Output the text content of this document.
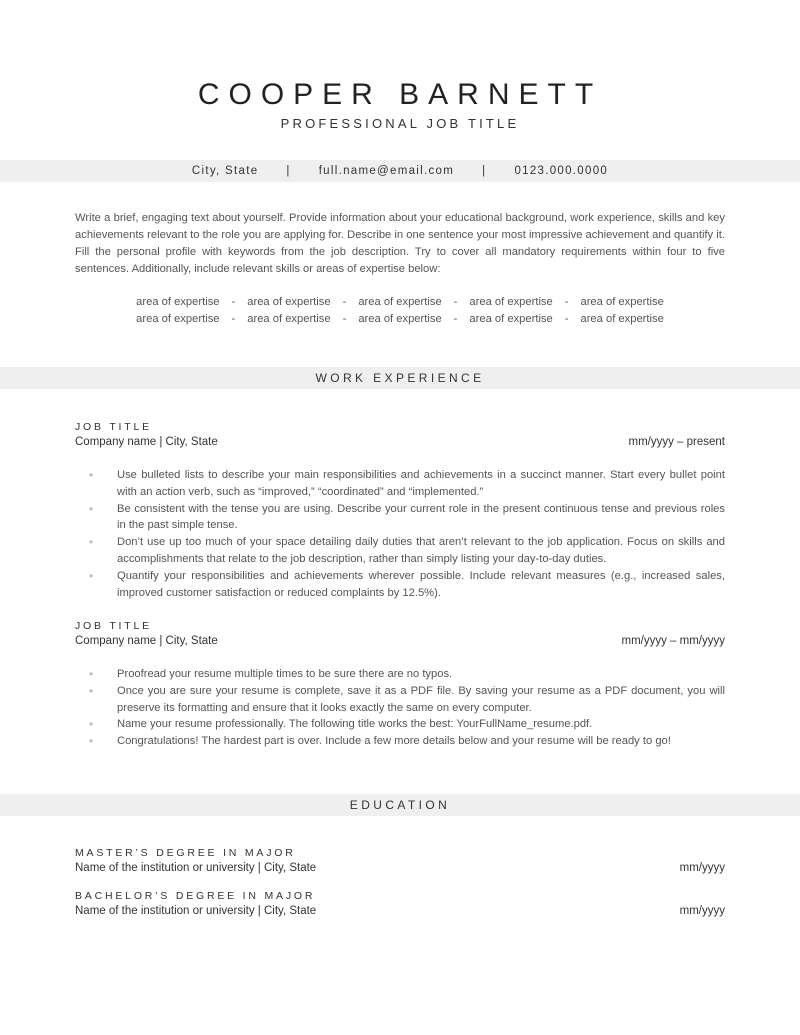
COOPER BARNETT
PROFESSIONAL JOB TITLE
City, State | full.name@email.com | 0123.000.0000
Write a brief, engaging text about yourself. Provide information about your educational background, work experience, skills and key achievements relevant to the role you are applying for. Describe in one sentence your most impressive achievement and quantify it. Fill the personal profile with keywords from the job description. Try to cover all mandatory requirements within four to five sentences. Additionally, include relevant skills or areas of expertise below:
area of expertise - area of expertise - area of expertise - area of expertise - area of expertise
area of expertise - area of expertise - area of expertise - area of expertise - area of expertise
WORK EXPERIENCE
JOB TITLE
Company name | City, State	mm/yyyy – present
• Use bulleted lists to describe your main responsibilities and achievements in a succinct manner. Start every bullet point with an action verb, such as “improved,” “coordinated” and “implemented.”
• Be consistent with the tense you are using. Describe your current role in the present continuous tense and previous roles in the past simple tense.
• Don’t use up too much of your space detailing daily duties that aren’t relevant to the job application. Focus on skills and accomplishments that relate to the job description, rather than simply listing your day-to-day duties.
• Quantify your responsibilities and achievements wherever possible. Include relevant measures (e.g., increased sales, improved customer satisfaction or reduced complaints by 12.5%).
JOB TITLE
Company name | City, State	mm/yyyy – mm/yyyy
• Proofread your resume multiple times to be sure there are no typos.
• Once you are sure your resume is complete, save it as a PDF file. By saving your resume as a PDF document, you will preserve its formatting and ensure that it looks exactly the same on every computer.
• Name your resume professionally. The following title works the best: YourFullName_resume.pdf.
• Congratulations! The hardest part is over. Include a few more details below and your resume will be ready to go!
EDUCATION
MASTER’S DEGREE IN MAJOR
Name of the institution or university | City, State	mm/yyyy
BACHELOR’S DEGREE IN MAJOR
Name of the institution or university | City, State	mm/yyyy
